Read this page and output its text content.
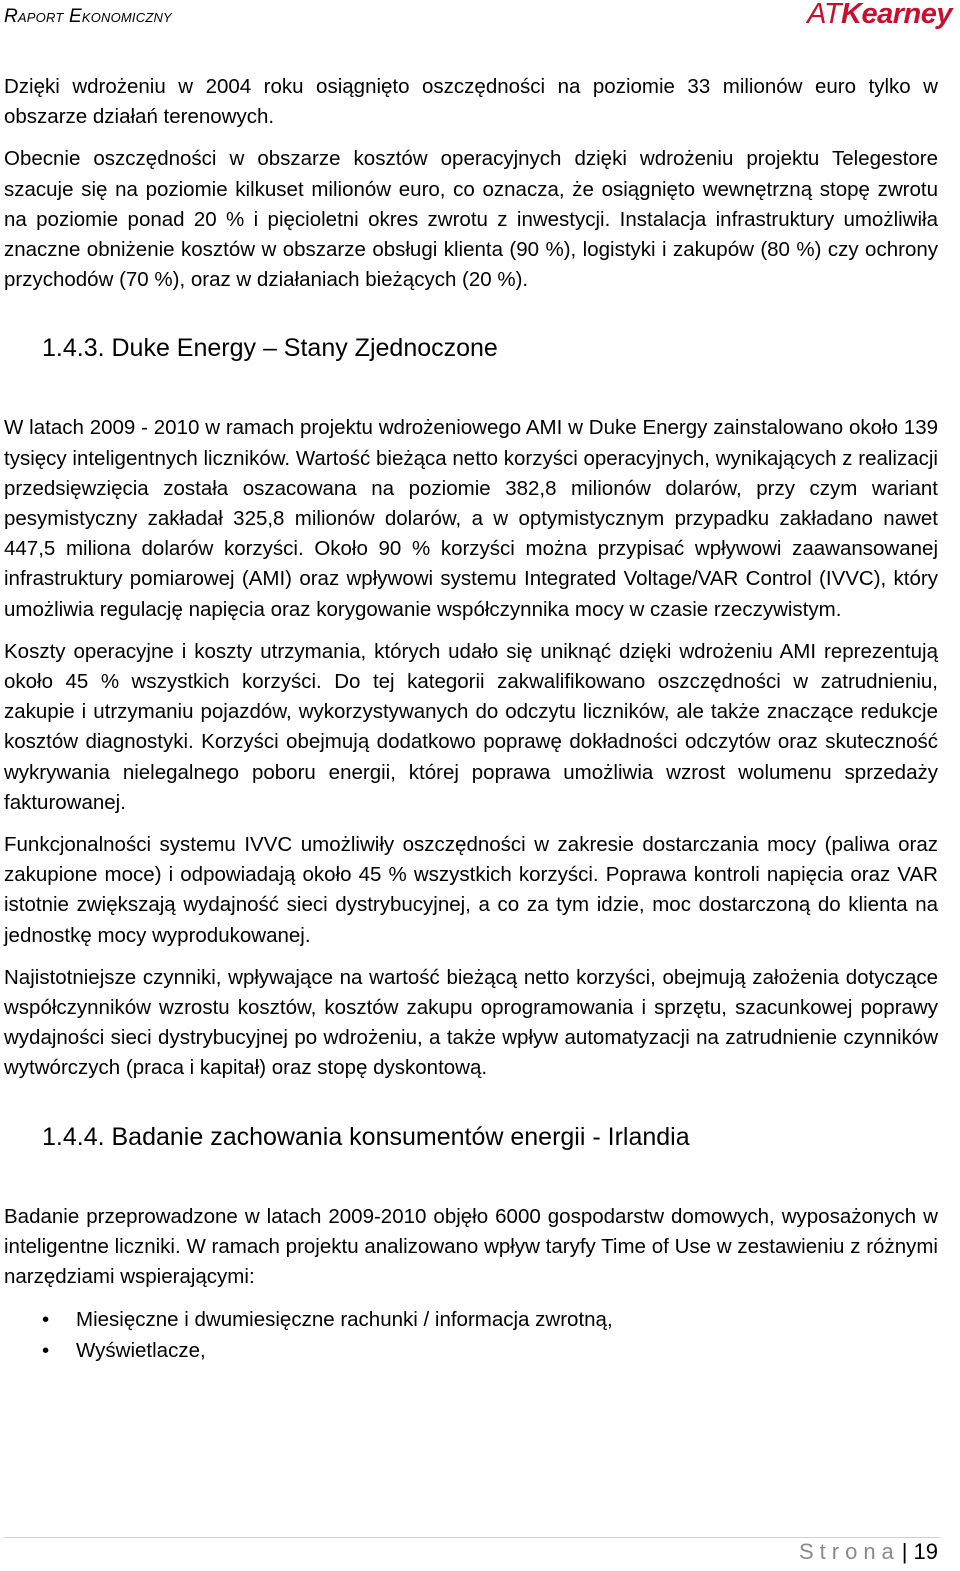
Raport Ekonomiczny	ATKearney

Dzięki wdrożeniu w 2004 roku osiągnięto oszczędności na poziomie 33 milionów euro tylko w obszarze działań terenowych.

Obecnie oszczędności w obszarze kosztów operacyjnych dzięki wdrożeniu projektu Telegestore szacuje się na poziomie kilkuset milionów euro, co oznacza, że osiągnięto wewnętrzną stopę zwrotu na poziomie ponad 20 % i pięcioletni okres zwrotu z inwestycji. Instalacja infrastruktury umożliwiła znaczne obniżenie kosztów w obszarze obsługi klienta (90 %), logistyki i zakupów (80 %) czy ochrony przychodów (70 %), oraz w działaniach bieżących (20 %).

1.4.3. Duke Energy – Stany Zjednoczone

W latach 2009 - 2010 w ramach projektu wdrożeniowego AMI w Duke Energy zainstalowano około 139 tysięcy inteligentnych liczników. Wartość bieżąca netto korzyści operacyjnych, wynikających z realizacji przedsięwzięcia została oszacowana na poziomie 382,8 milionów dolarów, przy czym wariant pesymistyczny zakładał 325,8 milionów dolarów, a w optymistycznym przypadku zakładano nawet 447,5 miliona dolarów korzyści. Około 90 % korzyści można przypisać wpływowi zaawansowanej infrastruktury pomiarowej (AMI) oraz wpływowi systemu Integrated Voltage/VAR Control (IVVC), który umożliwia regulację napięcia oraz korygowanie współczynnika mocy w czasie rzeczywistym.

Koszty operacyjne i koszty utrzymania, których udało się uniknąć dzięki wdrożeniu AMI reprezentują około 45 % wszystkich korzyści. Do tej kategorii zakwalifikowano oszczędności w zatrudnieniu, zakupie i utrzymaniu pojazdów, wykorzystywanych do odczytu liczników, ale także znaczące redukcje kosztów diagnostyki. Korzyści obejmują dodatkowo poprawę dokładności odczytów oraz skuteczność wykrywania nielegalnego poboru energii, której poprawa umożliwia wzrost wolumenu sprzedaży fakturowanej.

Funkcjonalności systemu IVVC umożliwiły oszczędności w zakresie dostarczania mocy (paliwa oraz zakupione moce) i odpowiadają około 45 % wszystkich korzyści. Poprawa kontroli napięcia oraz VAR istotnie zwiększają wydajność sieci dystrybucyjnej, a co za tym idzie, moc dostarczoną do klienta na jednostkę mocy wyprodukowanej.

Najistotniejsze czynniki, wpływające na wartość bieżącą netto korzyści, obejmują założenia dotyczące współczynników wzrostu kosztów, kosztów zakupu oprogramowania i sprzętu, szacunkowej poprawy wydajności sieci dystrybucyjnej po wdrożeniu, a także wpływ automatyzacji na zatrudnienie czynników wytwórczych (praca i kapitał) oraz stopę dyskontową.

1.4.4. Badanie zachowania konsumentów energii - Irlandia

Badanie przeprowadzone w latach 2009-2010 objęło 6000 gospodarstw domowych, wyposażonych w inteligentne liczniki. W ramach projektu analizowano wpływ taryfy Time of Use w zestawieniu z różnymi narzędziami wspierającymi:

• Miesięczne i dwumiesięczne rachunki / informacja zwrotną,
• Wyświetlacze,
Strona| 19
